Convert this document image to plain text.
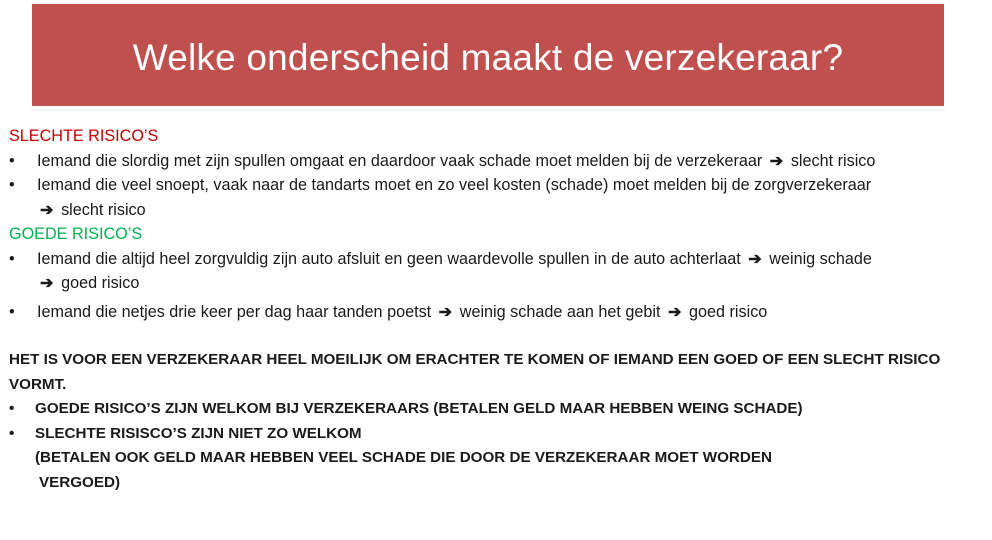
Welke onderscheid maakt de verzekeraar?
SLECHTE RISICO’S
• Iemand die slordig met zijn spullen omgaat en daardoor vaak schade moet melden bij de verzekeraar ➔ slecht risico
• Iemand die veel snoept, vaak naar de tandarts moet en zo veel kosten (schade) moet melden bij de zorgverzekeraar
➔ slecht risico
GOEDE RISICO’S
• Iemand die altijd heel zorgvuldig zijn auto afsluit en geen waardevolle spullen in de auto achterlaat ➔ weinig schade
➔ goed risico
• Iemand die netjes drie keer per dag haar tanden poetst ➔ weinig schade aan het gebit ➔ goed risico
HET IS VOOR EEN VERZEKERAAR HEEL MOEILIJK OM ERACHTER TE KOMEN OF IEMAND EEN GOED OF EEN SLECHT RISICO VORMT.
• GOEDE RISICO’S ZIJN WELKOM BIJ VERZEKERAARS (BETALEN GELD MAAR HEBBEN WEING SCHADE)
• SLECHTE RISISCO’S ZIJN NIET ZO WELKOM
(BETALEN OOK GELD MAAR HEBBEN VEEL SCHADE DIE DOOR DE VERZEKERAAR MOET WORDEN
VERGOED)
